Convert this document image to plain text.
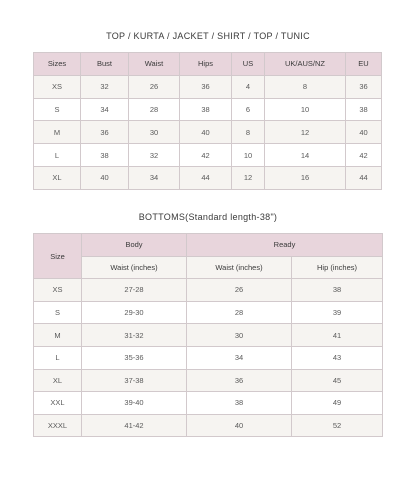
TOP / KURTA / JACKET / SHIRT / TOP / TUNIC
Sizes	Bust	Waist	Hips	US	UK/AUS/NZ	EU
XS	32	26	36	4	8	36
S	34	28	38	6	10	38
M	36	30	40	8	12	40
L	38	32	42	10	14	42
XL	40	34	44	12	16	44
BOTTOMS(Standard length-38")
Size	Body	Ready	
	Waist (inches)	Waist (inches)	Hip (inches)
XS	27-28	26	38
S	29-30	28	39
M	31-32	30	41
L	35-36	34	43
XL	37-38	36	45
XXL	39-40	38	49
XXXL	41-42	40	52
